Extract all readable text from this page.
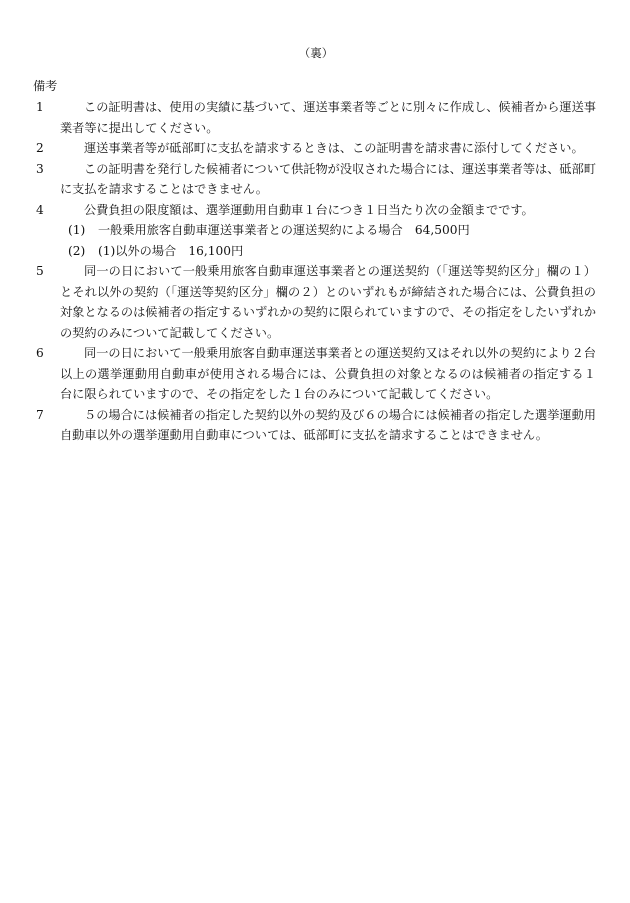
（裏）
備考
1	この証明書は、使用の実績に基づいて、運送事業者等ごとに別々に作成し、候補者から運送事業者等に提出してください。
2	運送事業者等が砥部町に支払を請求するときは、この証明書を請求書に添付してください。
3	この証明書を発行した候補者について供託物が没収された場合には、運送事業者等は、砥部町に支払を請求することはできません。
4	公費負担の限度額は、選挙運動用自動車１台につき１日当たり次の金額までです。
(1) 一般乗用旅客自動車運送事業者との運送契約による場合　64,500円
(2) (1)以外の場合　16,100円
5	同一の日において一般乗用旅客自動車運送事業者との運送契約（「運送等契約区分」欄の１）とそれ以外の契約（「運送等契約区分」欄の２）とのいずれもが締結された場合には、公費負担の対象となるのは候補者の指定するいずれかの契約に限られていますので、その指定をしたいずれかの契約のみについて記載してください。
6	同一の日において一般乗用旅客自動車運送事業者との運送契約又はそれ以外の契約により２台以上の選挙運動用自動車が使用される場合には、公費負担の対象となるのは候補者の指定する１台に限られていますので、その指定をした１台のみについて記載してください。
7	５の場合には候補者の指定した契約以外の契約及び６の場合には候補者の指定した選挙運動用自動車以外の選挙運動用自動車については、砥部町に支払を請求することはできません。
